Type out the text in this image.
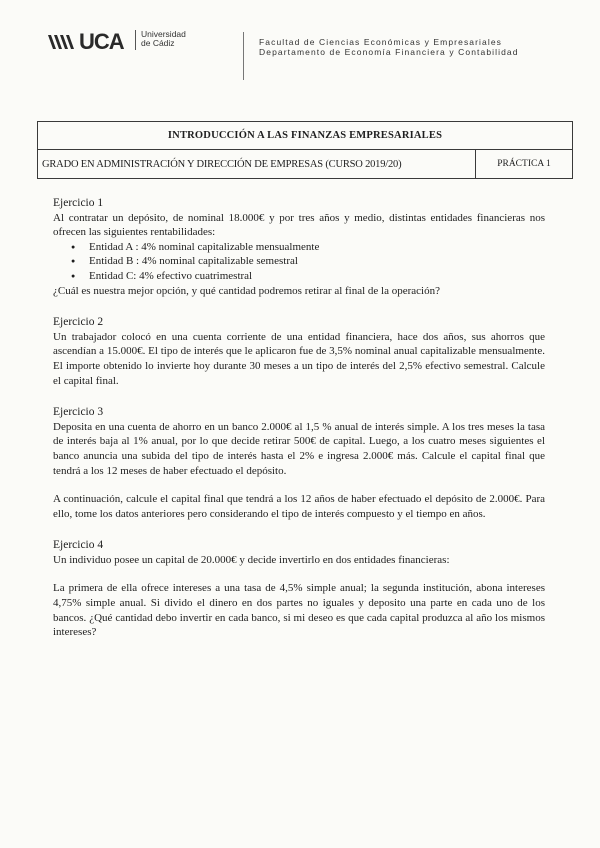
UCA Universidad
de Cádiz	Facultad de Ciencias Económicas y Empresariales
Departamento de Economía Financiera y Contabilidad
INTRODUCCIÓN A LAS FINANZAS EMPRESARIALES
GRADO EN ADMINISTRACIÓN Y DIRECCIÓN DE EMPRESAS (CURSO 2019/20)	PRÁCTICA 1
Ejercicio 1

Al contratar un depósito, de nominal 18.000€ y por tres años y medio, distintas entidades financieras nos ofrecen las siguientes rentabilidades:

● Entidad A : 4% nominal capitalizable mensualmente
● Entidad B : 4% nominal capitalizable semestral
● Entidad C: 4% efectivo cuatrimestral

¿Cuál es nuestra mejor opción, y qué cantidad podremos retirar al final de la operación?

Ejercicio 2

Un trabajador colocó en una cuenta corriente de una entidad financiera, hace dos años, sus ahorros que ascendían a 15.000€. El tipo de interés que le aplicaron fue de 3,5% nominal anual capitalizable mensualmente. El importe obtenido lo invierte hoy durante 30 meses a un tipo de interés del 2,5% efectivo semestral. Calcule el capital final.

Ejercicio 3

Deposita en una cuenta de ahorro en un banco 2.000€ al 1,5 % anual de interés simple. A los tres meses la tasa de interés baja al 1% anual, por lo que decide retirar 500€ de capital. Luego, a los cuatro meses siguientes el banco anuncia una subida del tipo de interés hasta el 2% e ingresa 2.000€ más. Calcule el capital final que tendrá a los 12 meses de haber efectuado el depósito.

A continuación, calcule el capital final que tendrá a los 12 años de haber efectuado el depósito de 2.000€. Para ello, tome los datos anteriores pero considerando el tipo de interés compuesto y el tiempo en años.

Ejercicio 4

Un individuo posee un capital de 20.000€ y decide invertirlo en dos entidades financieras:

La primera de ella ofrece intereses a una tasa de 4,5% simple anual; la segunda institución, abona intereses 4,75% simple anual. Si divido el dinero en dos partes no iguales y deposito una parte en cada uno de los bancos. ¿Qué cantidad debo invertir en cada banco, si mi deseo es que cada capital produzca al año los mismos intereses?
